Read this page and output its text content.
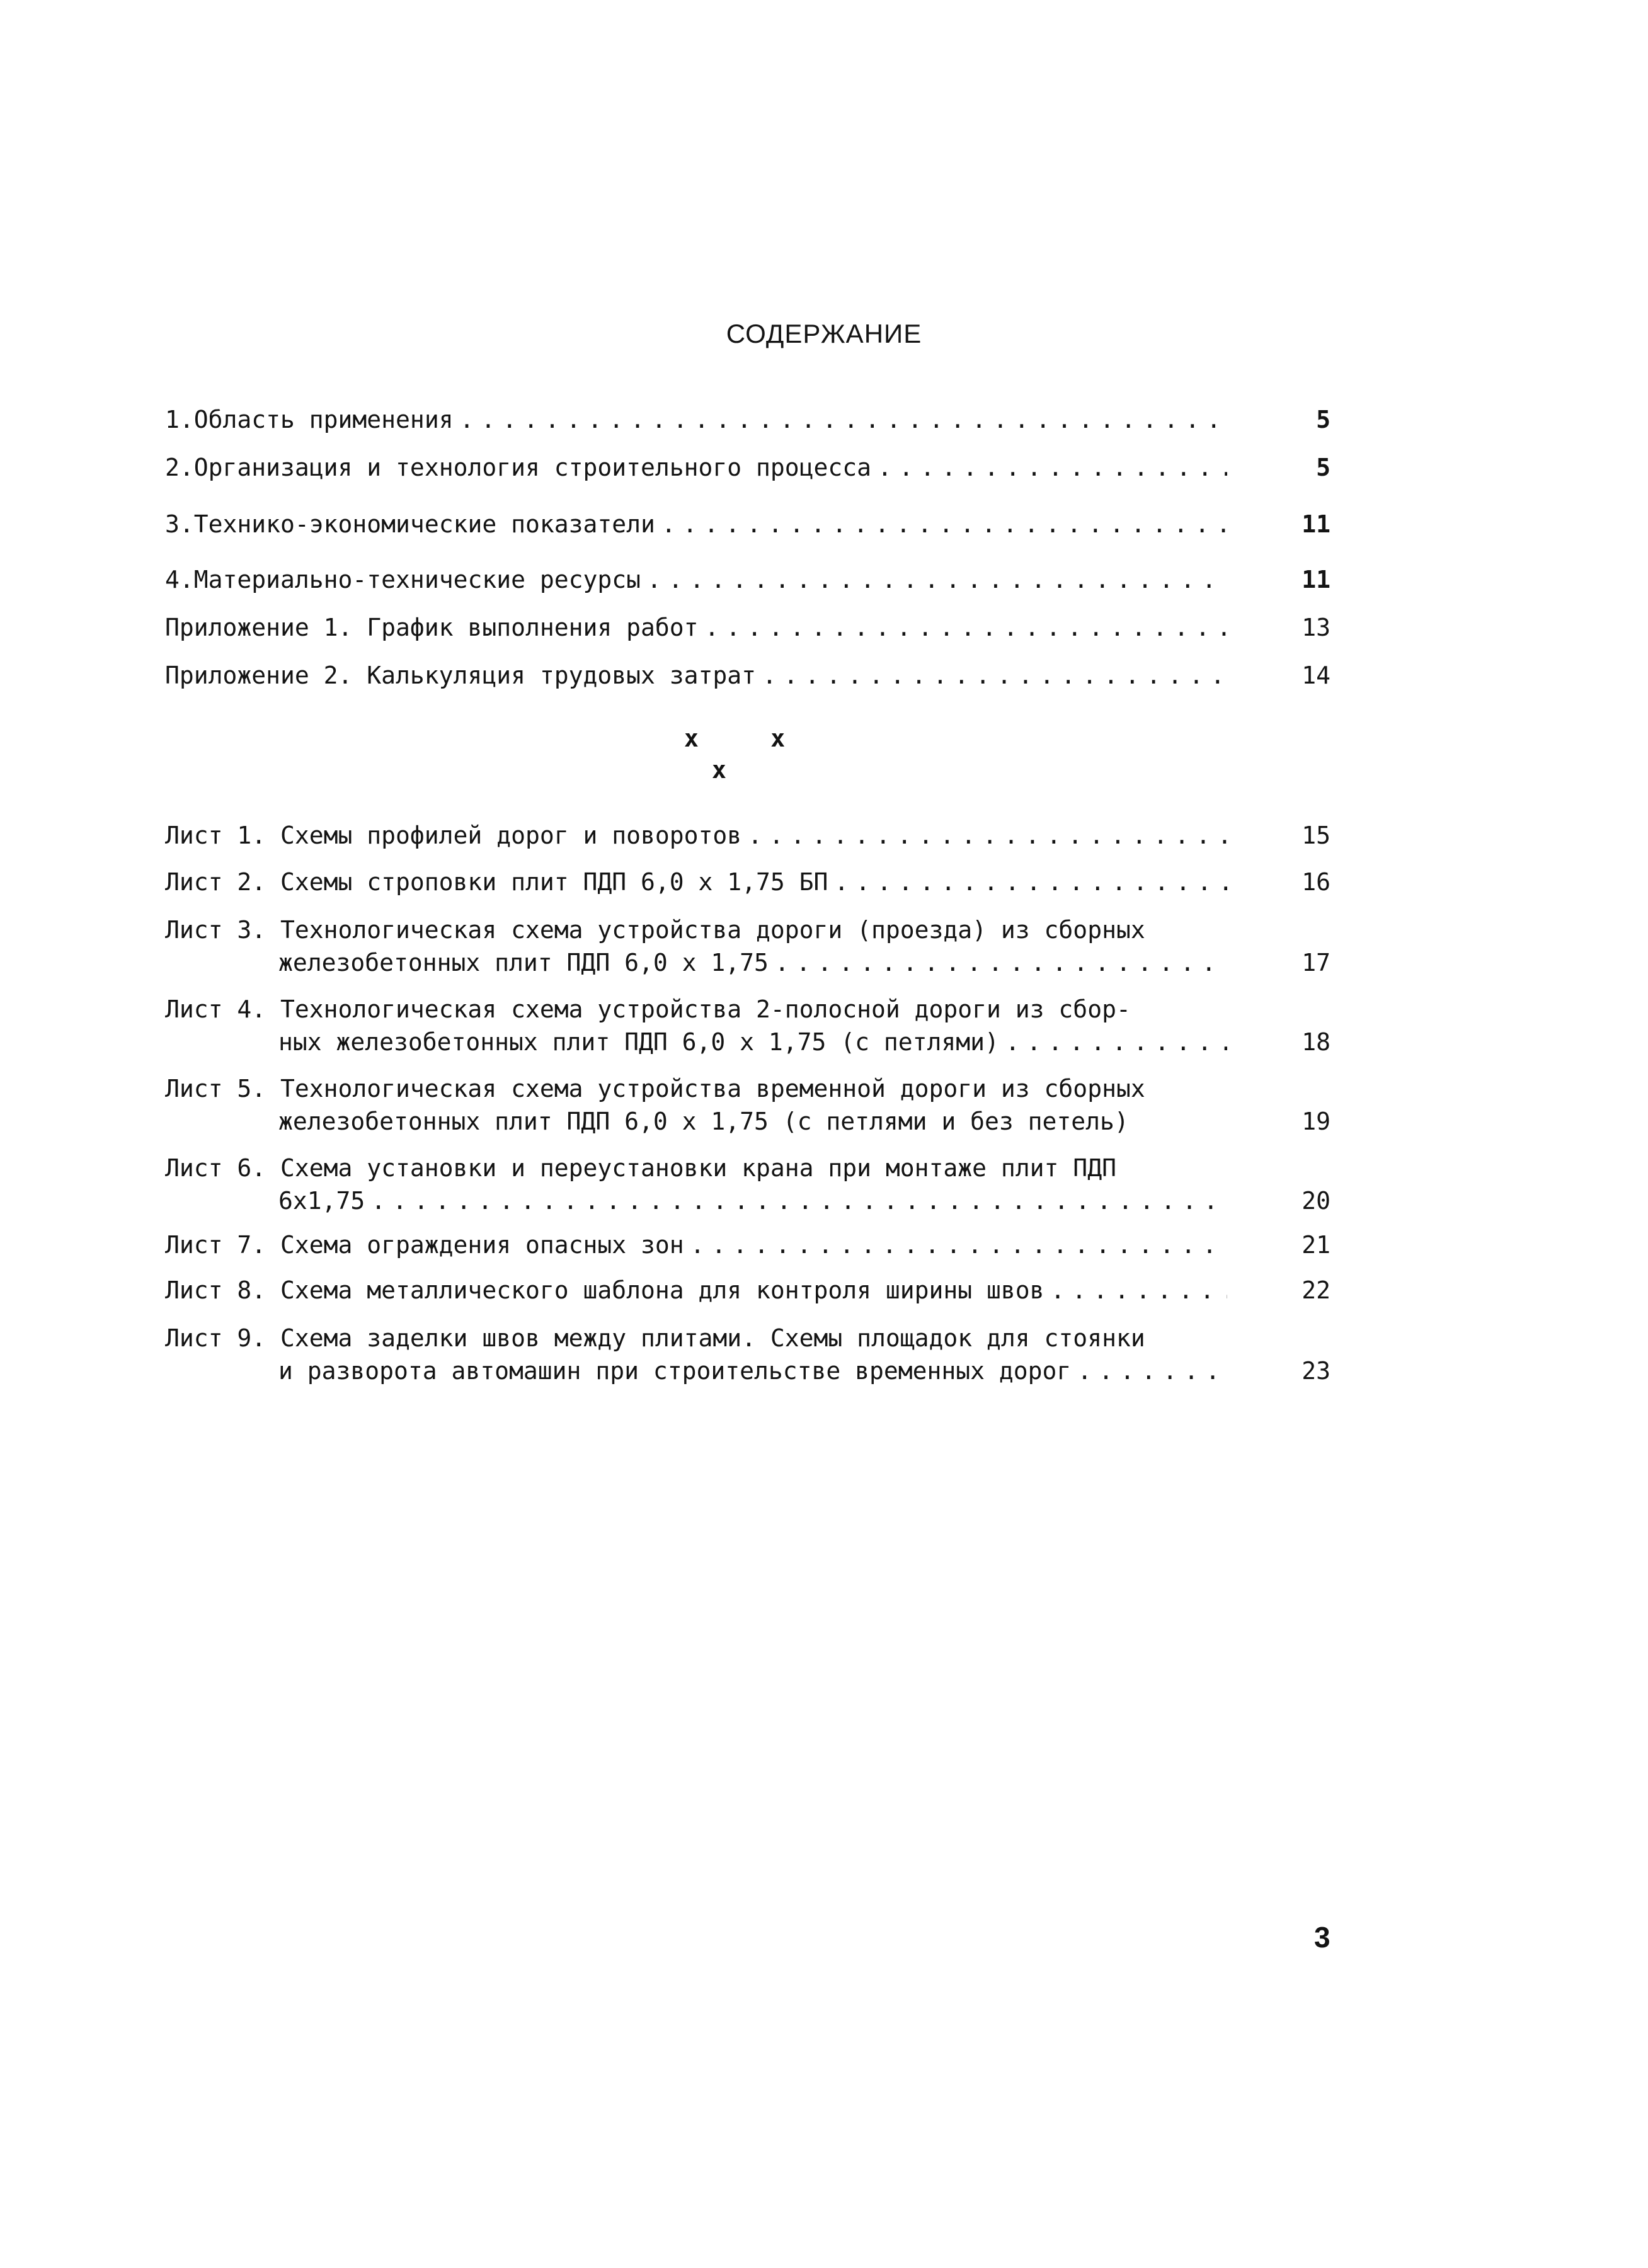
СОДЕРЖАНИЕ
1. Область применения .....	5
2. Организация и технология строительного процесса .....	5
3. Технико-экономические показатели .....	11
4. Материально-технические ресурсы .....	11
Приложение 1. График выполнения работ .....	13
Приложение 2. Калькуляция трудовых затрат .....	14
x     x
x
Лист 1. Схемы профилей дорог и поворотов .....	15
Лист 2. Схемы строповки плит ПДП 6,0 х 1,75 БП .....	16
Лист 3. Технологическая схема устройства дороги (проезда) из сборных
железобетонных плит ПДП 6,0 х 1,75 .....	17
Лист 4. Технологическая схема устройства 2-полосной дороги из сбор-
ных железобетонных плит ПДП 6,0 х 1,75 (с петлями) .....	18
Лист 5. Технологическая схема устройства временной дороги из сборных
железобетонных плит ПДП 6,0 х 1,75 (с петлями и без петель)	19
Лист 6. Схема установки и переустановки крана при монтаже плит ПДП
6х1,75 .....	20
Лист 7. Схема ограждения опасных зон .....	21
Лист 8. Схема металлического шаблона для контроля ширины швов .....	22
Лист 9. Схема заделки швов между плитами. Схемы площадок для стоянки
и разворота автомашин при строительстве временных дорог .....	23
3
